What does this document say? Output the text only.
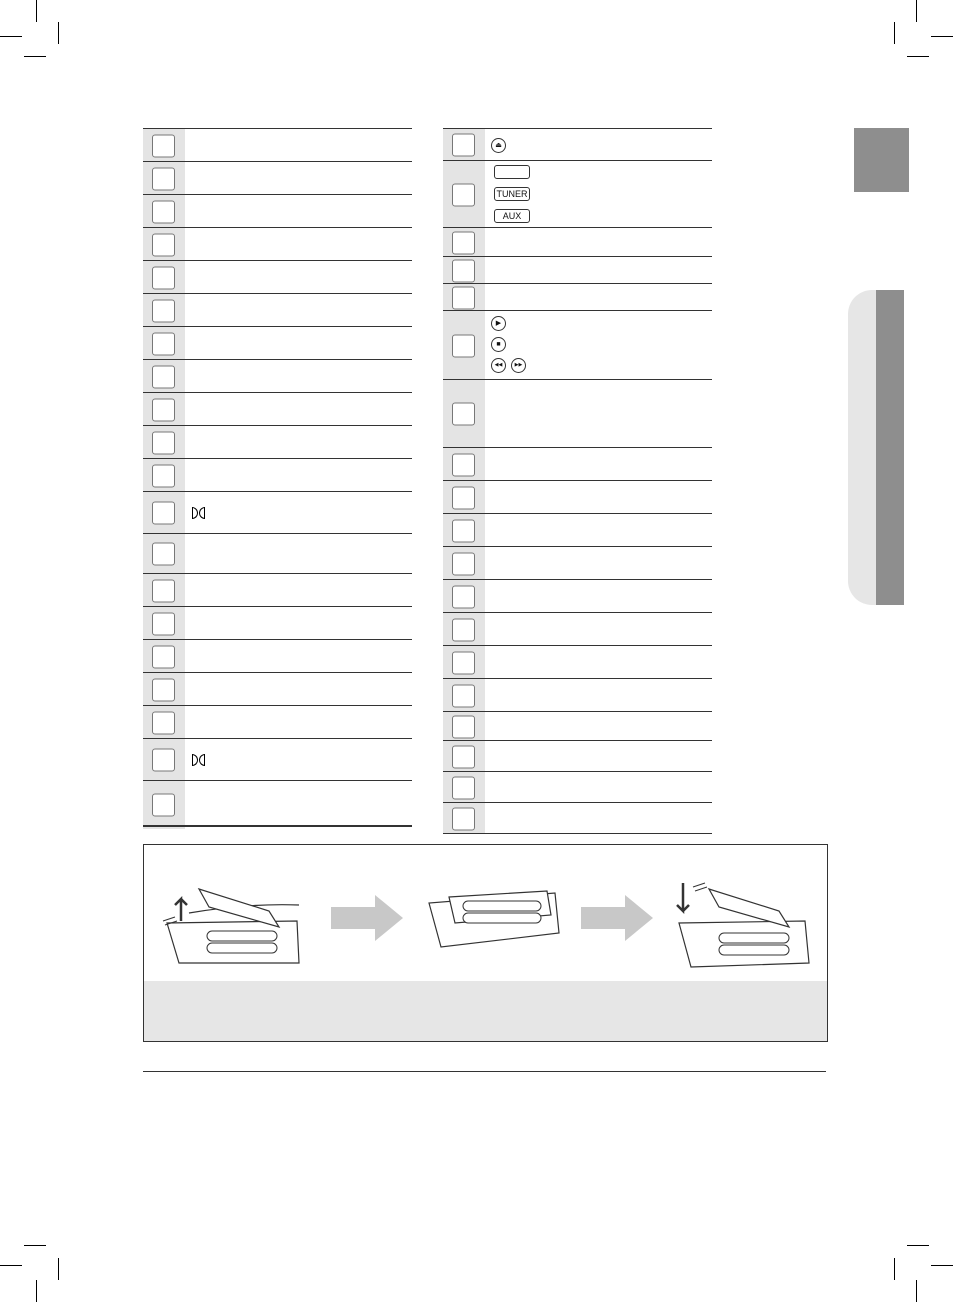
⏏
TUNER
AUX
▶
■
◀◀	▶▶
